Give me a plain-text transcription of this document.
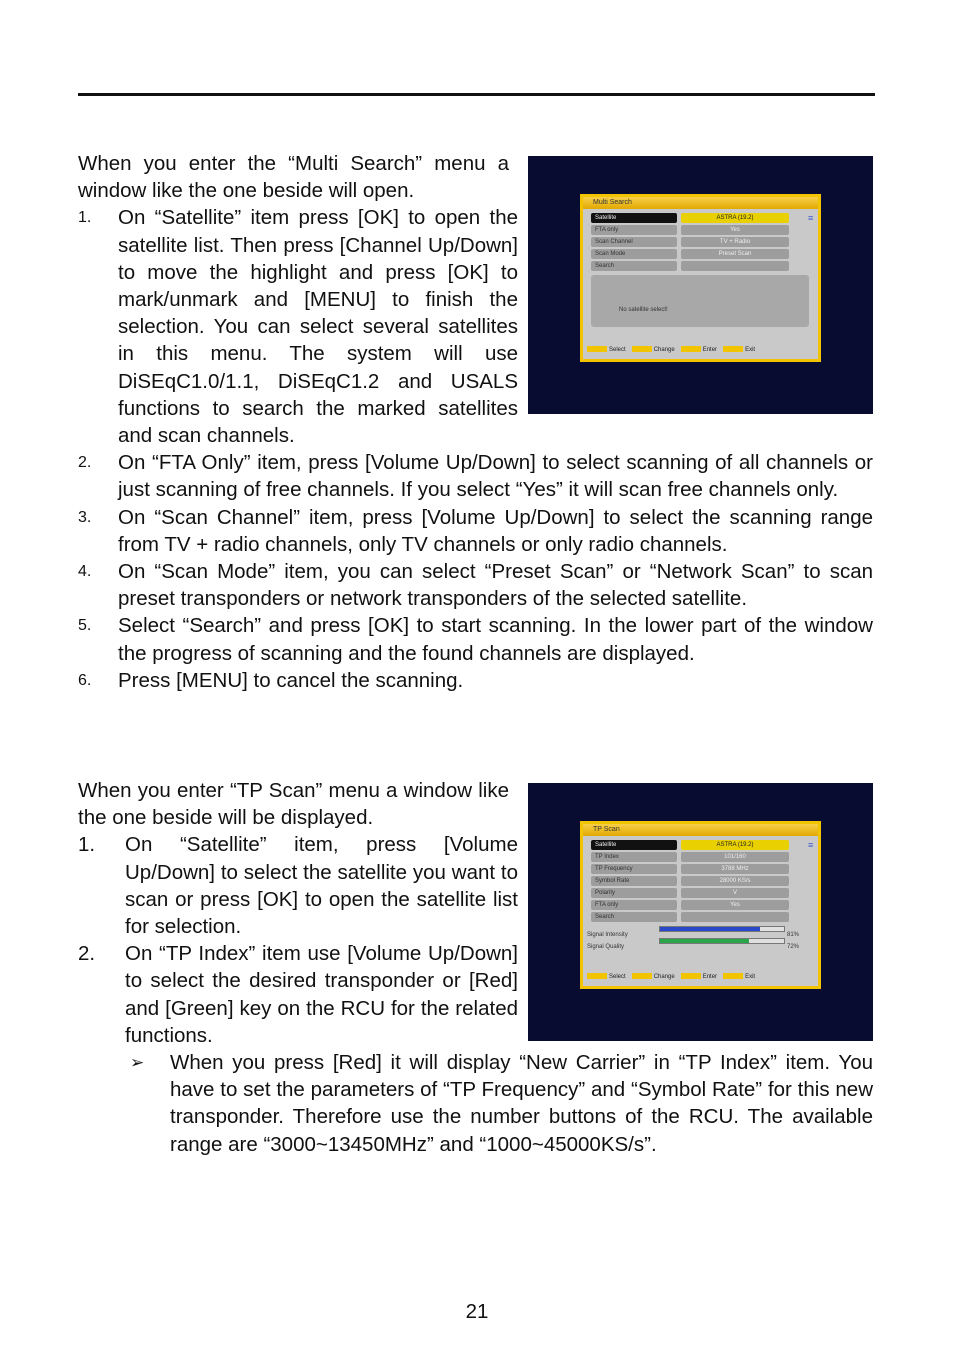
Multi Search
≡
Satellite	ASTRA (19.2)
FTA only	Yes
Scan Channel	TV + Radio
Scan Mode	Preset Scan
Search
No satellite select!
Select	Change	Enter	Exit

When you enter the “Multi Search” menu a window like the one beside will open.

1. On “Satellite” item press [OK] to open the satellite list. Then press [Channel Up/Down] to move the highlight and press [OK] to mark/unmark and [MENU] to finish the selection. You can select several satellites in this menu. The system will use DiSEqC1.0/1.1, DiSEqC1.2 and USALS functions to search the marked satellites and scan channels.
2. On “FTA Only” item, press [Volume Up/Down] to select scanning of all channels or just scanning of free channels. If you select “Yes” it will scan free channels only.
3. On “Scan Channel” item, press [Volume Up/Down] to select the scanning range from TV + radio channels, only TV channels or only radio channels.
4. On “Scan Mode” item, you can select “Preset Scan” or “Network Scan” to scan preset transponders or network transponders of the selected satellite.
5. Select “Search” and press [OK] to start scanning. In the lower part of the window the progress of scanning and the found channels are displayed.
6. Press [MENU] to cancel the scanning.
TP Scan
≡
Satellite	ASTRA (19.2)
TP Index	101/160
TP Frequency	3788 MHz
Symbol Rate	28000 KS/s
Polarity	V
FTA only	Yes
Search
Signal Intensity	81%
Signal Quality	72%
Select	Change	Enter	Exit

When you enter “TP Scan” menu a window like the one beside will be displayed.

1. On “Satellite” item, press [Volume Up/Down] to select the satellite you want to scan or press [OK] to open the satellite list for selection.
2. On “TP Index” item use [Volume Up/Down] to select the desired transponder or [Red] and [Green] key on the RCU for the related functions.
➢ When you press [Red] it will display “New Carrier” in “TP Index” item. You have to set the parameters of “TP Frequency” and “Symbol Rate” for this new transponder. Therefore use the number buttons of the RCU. The available range are “3000~13450MHz” and “1000~45000KS/s”.
21
